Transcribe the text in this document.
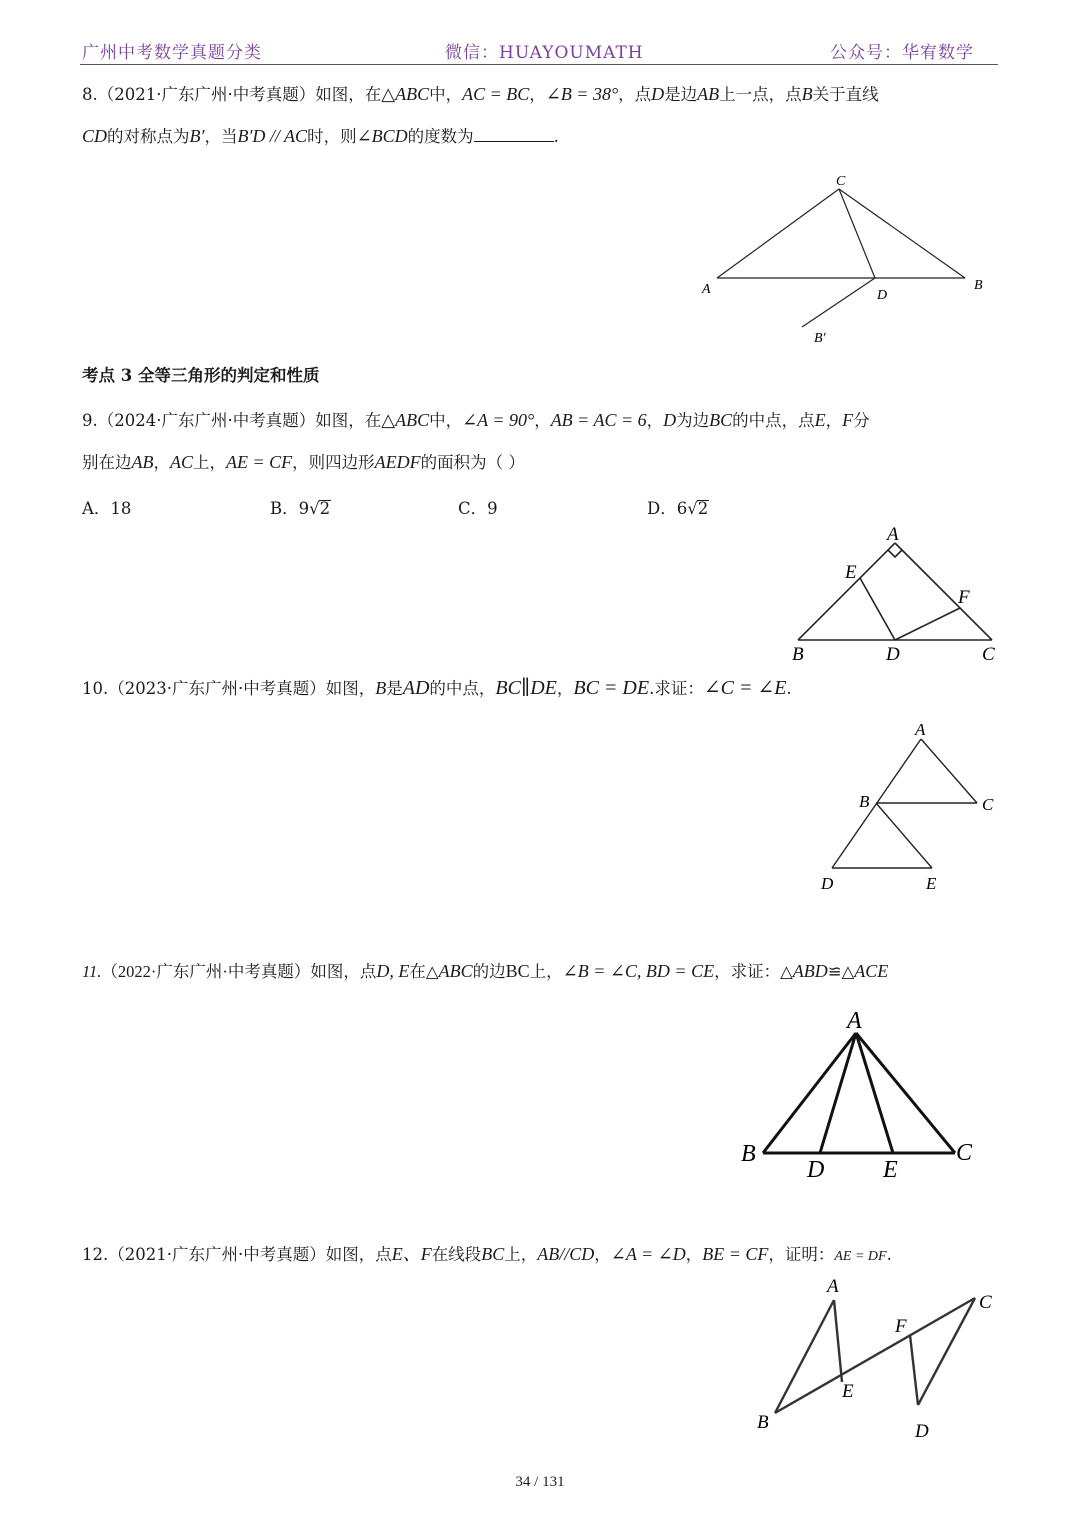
广州中考数学真题分类	微信：HUAYOUMATH	公众号：华宥数学
8.（2021·广东广州·中考真题）如图，在△ABC中，AC = BC，∠B = 38°，点D是边AB上一点，点B关于直线
CD的对称点为B′，当B′D // AC时，则∠BCD的度数为	.
C
A	B
D
B′
考点 3 全等三角形的判定和性质
9.（2024·广东广州·中考真题）如图，在△ABC中，∠A = 90°，AB = AC = 6，D为边BC的中点，点E，F分
别在边AB，AC上，AE = CF，则四边形AEDF的面积为（ ）
A．18	B．9√2	C．9	D．6√2
A
E
F
B	D	C
10.（2023·广东广州·中考真题）如图，B是AD的中点，BC∥DE，BC = DE.求证：∠C = ∠E.
A
B	C
D	E
11.（2022·广东广州·中考真题）如图，点D, E在△ABC的边BC上，∠B = ∠C, BD = CE，求证：△ABD≌△ACE
A
B
D E
C
12.（2021·广东广州·中考真题）如图，点E、F在线段BC上，AB//CD，∠A = ∠D，BE = CF，证明：AE = DF.
A
B
E
F
C
D
34 / 131
